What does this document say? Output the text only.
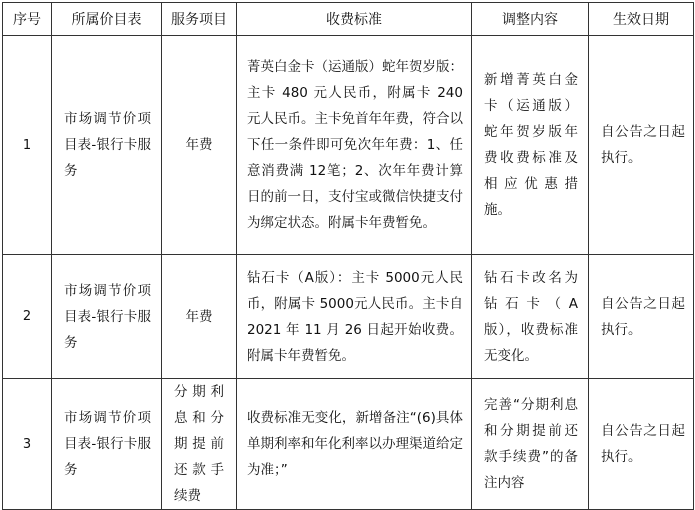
序号	所属价目表	服务项目	收费标准	调整内容	生效日期
1	市场调节价项目表-银行卡服务	年费	菁英白金卡（运通版）蛇年贺岁版：主卡 480 元人民币，附属卡 240 元人民币。主卡免首年年费，符合以下任一条件即可免次年年费：1、任意消费满 12笔；2、次年年费计算日的前一日，支付宝或微信快捷支付为绑定状态。附属卡年费暂免。	新增菁英白金卡（运通版）蛇年贺岁版年费收费标准及相应优惠措施。	自公告之日起执行。
2	市场调节价项目表-银行卡服务	年费	钻石卡（A版）：主卡 5000元人民币，附属卡 5000元人民币。主卡自 2021 年 11 月 26 日起开始收费。附属卡年费暂免。	钻石卡改名为钻石卡（A版），收费标准无变化。	自公告之日起执行。
3	市场调节价项目表-银行卡服务	分期利息和分期提前还款手续费	收费标准无变化，新增备注“(6)具体单期利率和年化利率以办理渠道给定为准；”	完善“分期利息和分期提前还款手续费”的备注内容	自公告之日起执行。
